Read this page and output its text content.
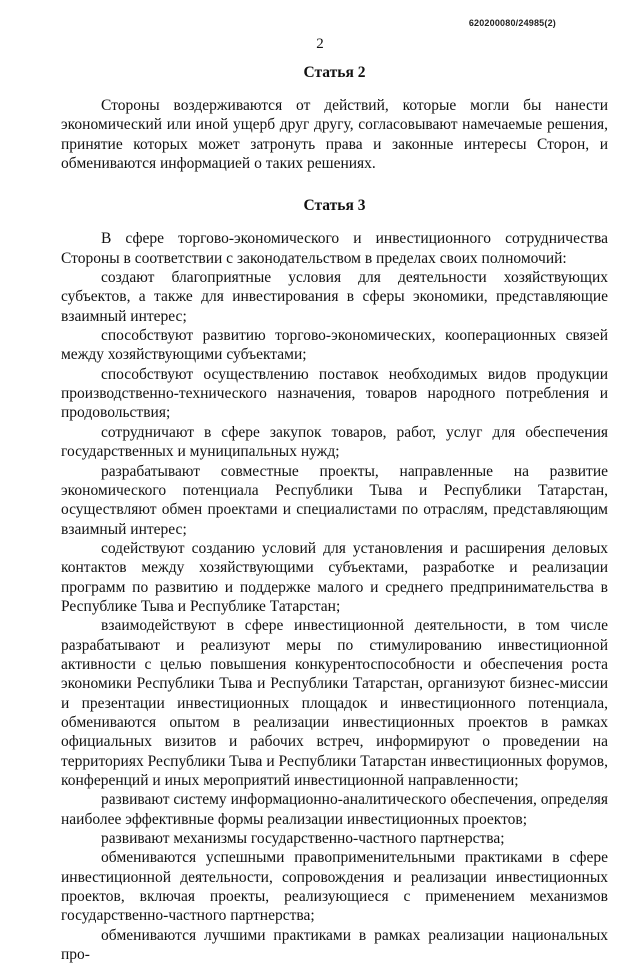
620200080/24985(2)
2
Статья 2

Стороны воздерживаются от действий, которые могли бы нанести экономический или иной ущерб друг другу, согласовывают намечаемые решения, принятие которых может затронуть права и законные интересы Сторон, и обмениваются информацией о таких решениях.

Статья 3

В сфере торгово-экономического и инвестиционного сотрудничества Стороны в соответствии с законодательством в пределах своих полномочий:

создают благоприятные условия для деятельности хозяйствующих субъектов, а также для инвестирования в сферы экономики, представляющие взаимный интерес;

способствуют развитию торгово-экономических, кооперационных связей между хозяйствующими субъектами;

способствуют осуществлению поставок необходимых видов продукции производственно-технического назначения, товаров народного потребления и продовольствия;

сотрудничают в сфере закупок товаров, работ, услуг для обеспечения государственных и муниципальных нужд;

разрабатывают совместные проекты, направленные на развитие экономического потенциала Республики Тыва и Республики Татарстан, осуществляют обмен проектами и специалистами по отраслям, представляющим взаимный интерес;

содействуют созданию условий для установления и расширения деловых контактов между хозяйствующими субъектами, разработке и реализации программ по развитию и поддержке малого и среднего предпринимательства в Республике Тыва и Республике Татарстан;

взаимодействуют в сфере инвестиционной деятельности, в том числе разрабатывают и реализуют меры по стимулированию инвестиционной активности с целью повышения конкурентоспособности и обеспечения роста экономики Республики Тыва и Республики Татарстан, организуют бизнес-миссии и презентации инвестиционных площадок и инвестиционного потенциала, обмениваются опытом в реализации инвестиционных проектов в рамках официальных визитов и рабочих встреч, информируют о проведении на территориях Республики Тыва и Республики Татарстан инвестиционных форумов, конференций и иных мероприятий инвестиционной направленности;

развивают систему информационно-аналитического обеспечения, определяя наиболее эффективные формы реализации инвестиционных проектов;

развивают механизмы государственно-частного партнерства;

обмениваются успешными правоприменительными практиками в сфере инвестиционной деятельности, сопровождения и реализации инвестиционных проектов, включая проекты, реализующиеся с применением механизмов государственно-частного партнерства;

обмениваются лучшими практиками в рамках реализации национальных про-
